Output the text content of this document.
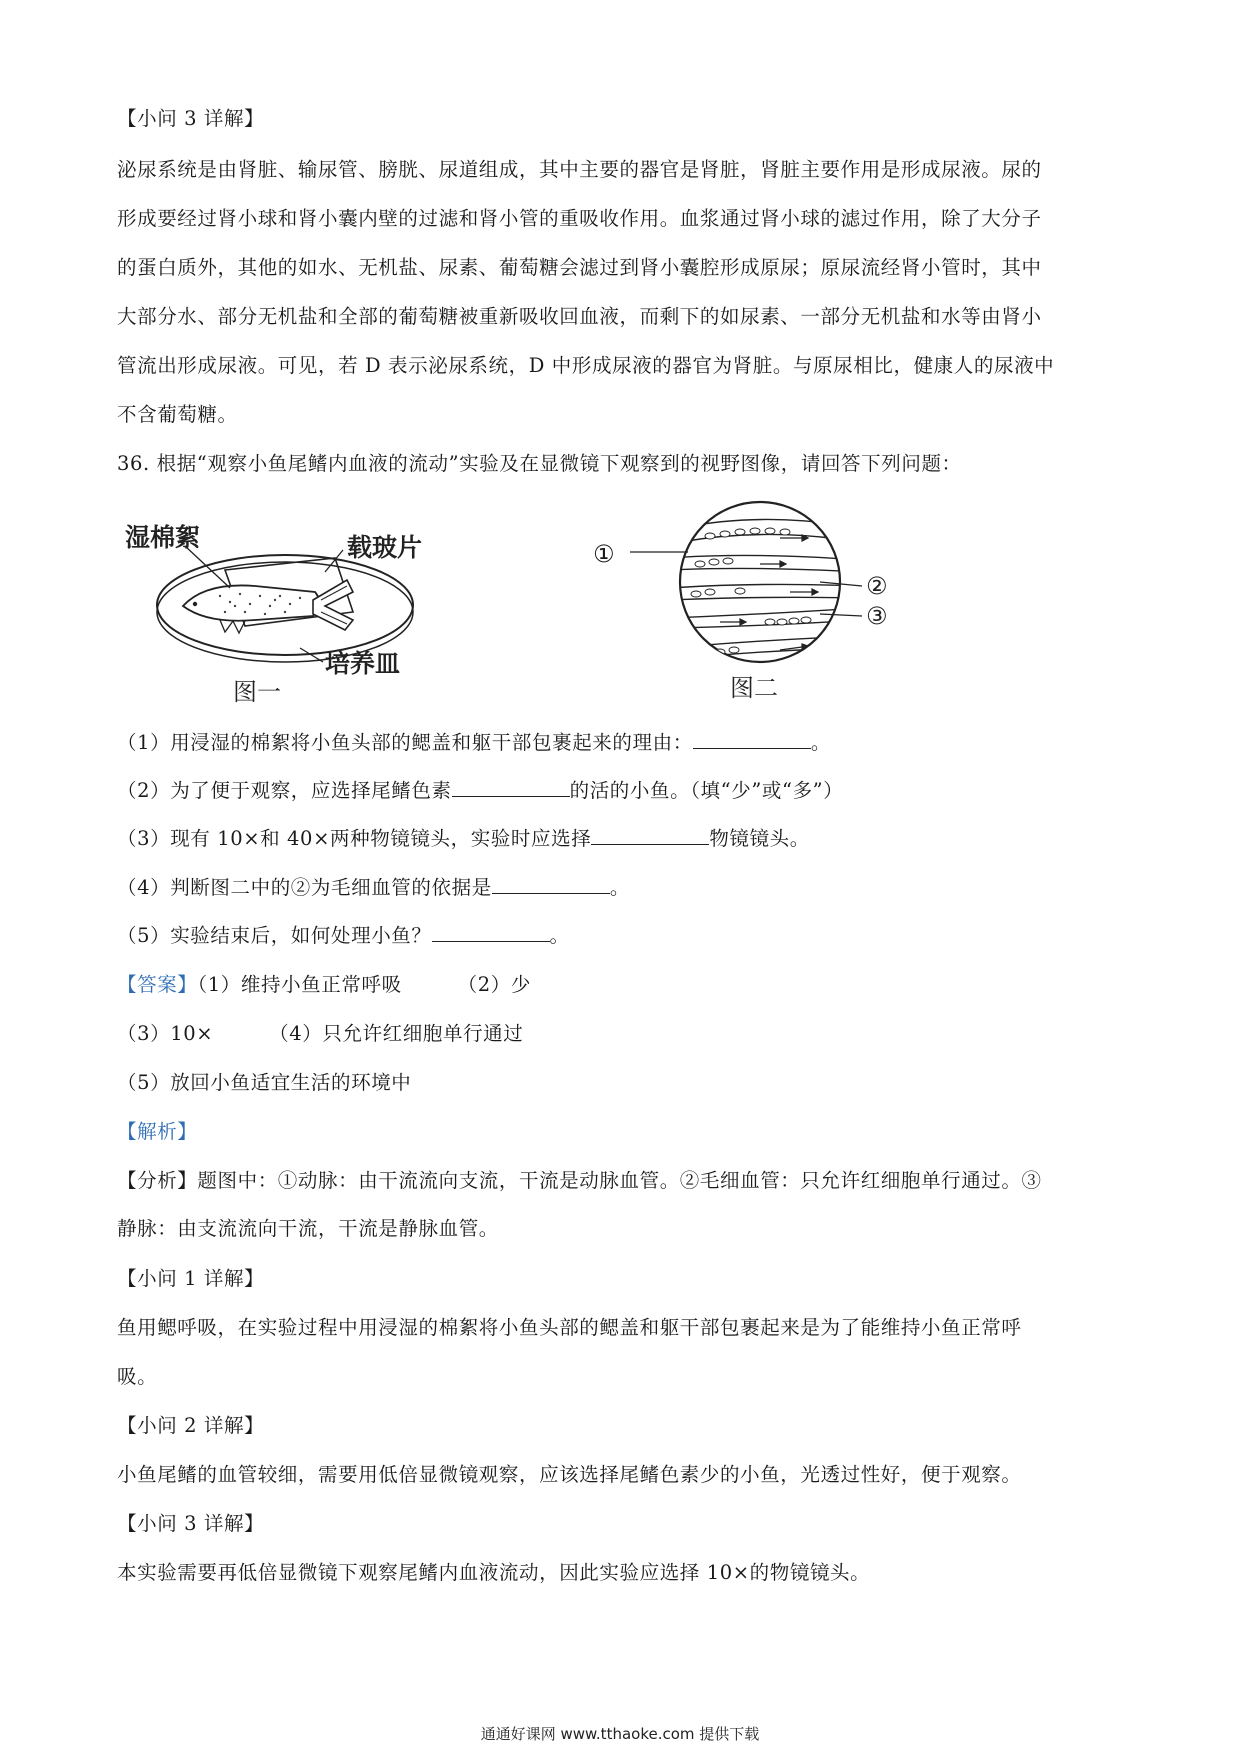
【小问 3 详解】
泌尿系统是由肾脏、输尿管、膀胱、尿道组成，其中主要的器官是肾脏，肾脏主要作用是形成尿液。尿的
形成要经过肾小球和肾小囊内壁的过滤和肾小管的重吸收作用。血浆通过肾小球的滤过作用，除了大分子
的蛋白质外，其他的如水、无机盐、尿素、葡萄糖会滤过到肾小囊腔形成原尿；原尿流经肾小管时，其中
大部分水、部分无机盐和全部的葡萄糖被重新吸收回血液，而剩下的如尿素、一部分无机盐和水等由肾小
管流出形成尿液。可见，若 D 表示泌尿系统，D 中形成尿液的器官为肾脏。与原尿相比，健康人的尿液中
不含葡萄糖。
36. 根据“观察小鱼尾鳍内血液的流动”实验及在显微镜下观察到的视野图像，请回答下列问题：
湿棉絮	载玻片
培养皿
图一
②
③
图二
①
（1）用浸湿的棉絮将小鱼头部的鳃盖和躯干部包裹起来的理由：	。
（2）为了便于观察，应选择尾鳍色素	的活的小鱼。（填“少”或“多”）
（3）现有 10×和 40×两种物镜镜头，实验时应选择	物镜镜头。
（4）判断图二中的②为毛细血管的依据是	。
（5）实验结束后，如何处理小鱼？	。
【答案】（1）维持小鱼正常呼吸	（2）少
（3）10×	（4）只允许红细胞单行通过
（5）放回小鱼适宜生活的环境中
【解析】
【分析】题图中：①动脉：由干流流向支流，干流是动脉血管。②毛细血管：只允许红细胞单行通过。③
静脉：由支流流向干流，干流是静脉血管。
【小问 1 详解】
鱼用鳃呼吸，在实验过程中用浸湿的棉絮将小鱼头部的鳃盖和躯干部包裹起来是为了能维持小鱼正常呼
吸。
【小问 2 详解】
小鱼尾鳍的血管较细，需要用低倍显微镜观察，应该选择尾鳍色素少的小鱼，光透过性好，便于观察。
【小问 3 详解】
本实验需要再低倍显微镜下观察尾鳍内血液流动，因此实验应选择 10×的物镜镜头。
通通好课网 www.tthaoke.com 提供下载
